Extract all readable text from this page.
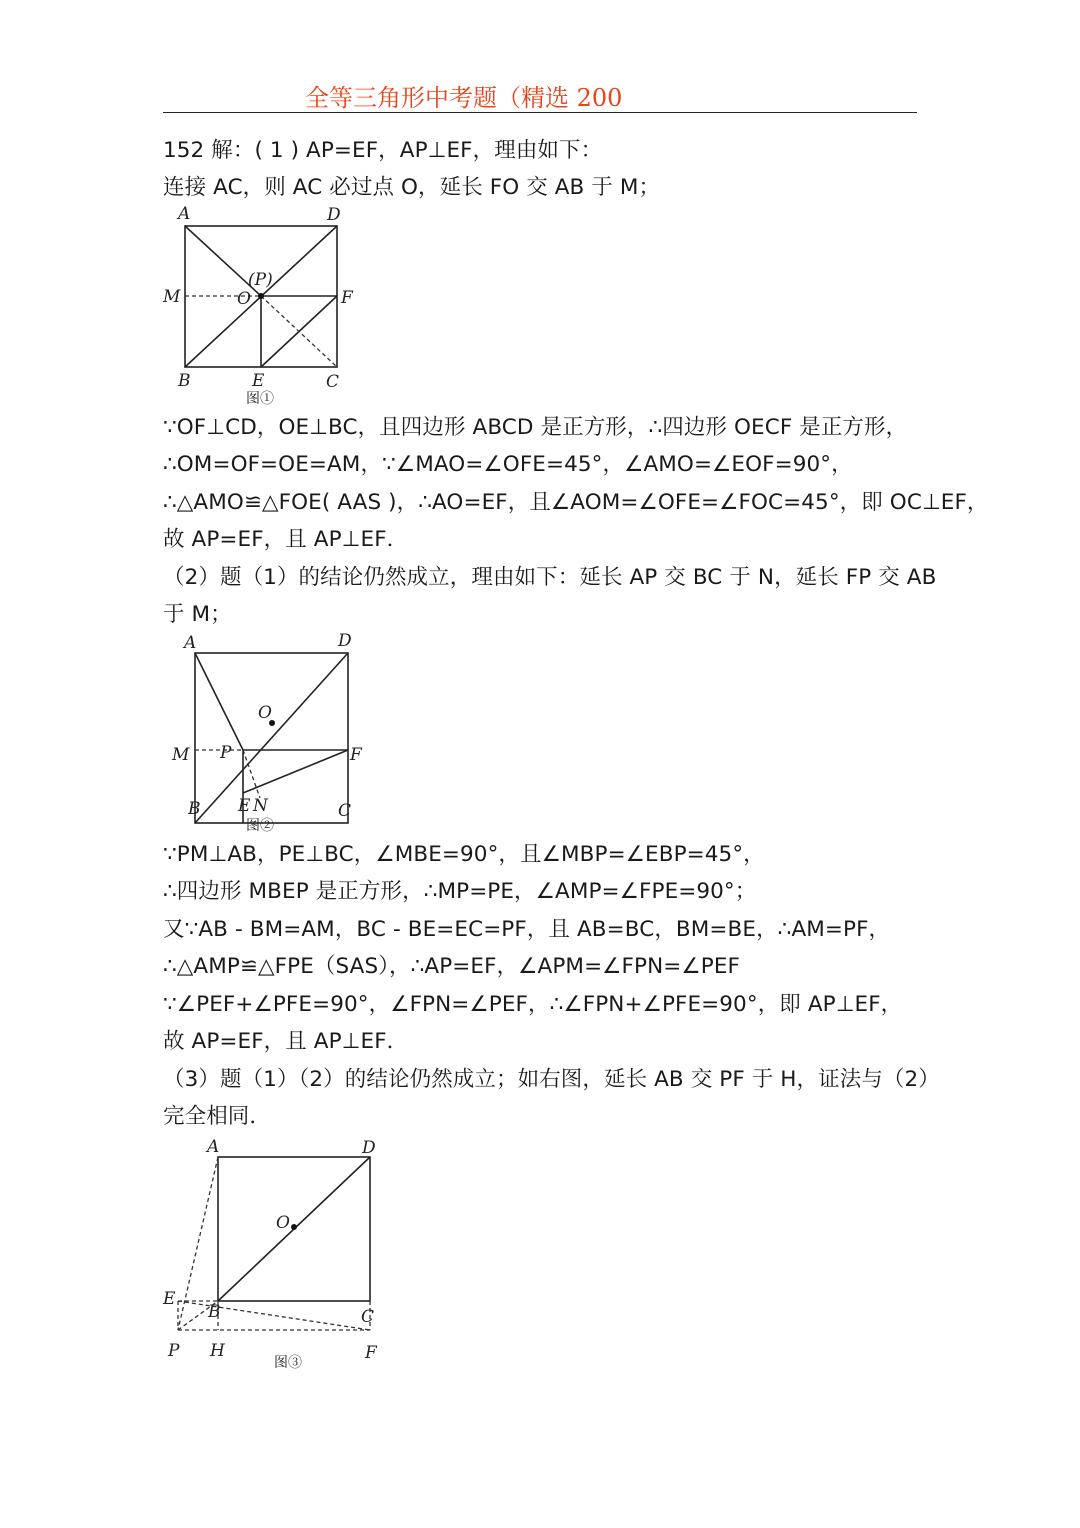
全等三角形中考题（精选 200
152 解：( 1 ) AP=EF，AP⊥EF，理由如下：
连接 AC，则 AC 必过点 O，延长 FO 交 AB 于 M；
A	D
M	O
(P)
F
B	E	C
图①
∵OF⊥CD，OE⊥BC，且四边形 ABCD 是正方形，∴四边形 OECF 是正方形，
∴OM=OF=OE=AM，∵∠MAO=∠OFE=45°，∠AMO=∠EOF=90°，
∴△AMO≌△FOE( AAS )，∴AO=EF，且∠AOM=∠OFE=∠FOC=45°，即 OC⊥EF，
故 AP=EF，且 AP⊥EF．
（2）题（1）的结论仍然成立，理由如下：延长 AP 交 BC 于 N，延长 FP 交 AB
于 M；
A	D
O
M P	F
B E N	C
图②
∵PM⊥AB，PE⊥BC，∠MBE=90°，且∠MBP=∠EBP=45°，
∴四边形 MBEP 是正方形，∴MP=PE，∠AMP=∠FPE=90°；
又∵AB - BM=AM，BC - BE=EC=PF，且 AB=BC，BM=BE，∴AM=PF，
∴△AMP≌△FPE（SAS），∴AP=EF，∠APM=∠FPN=∠PEF
∵∠PEF+∠PFE=90°，∠FPN=∠PEF，∴∠FPN+∠PFE=90°，即 AP⊥EF，
故 AP=EF，且 AP⊥EF．
（3）题（1）（2）的结论仍然成立；如右图，延长 AB 交 PF 于 H，证法与（2）
完全相同．
A	D
O
E
B	C
P H	F
图③
